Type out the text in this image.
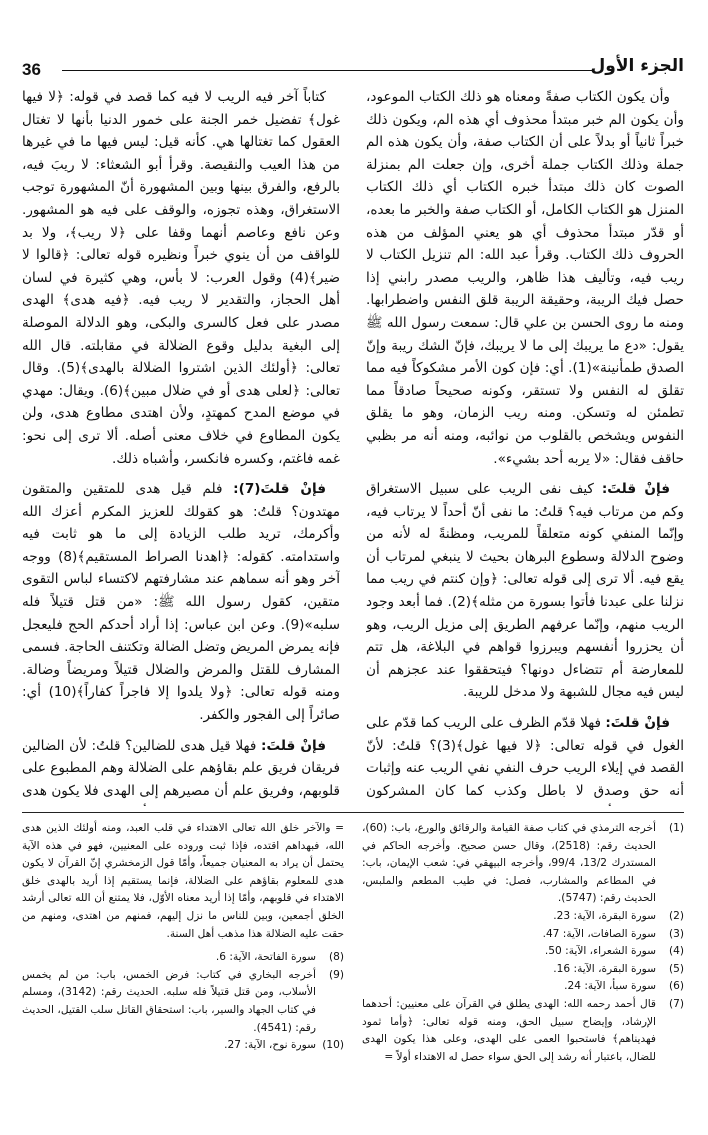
36	الجزء الأول

وأن يكون الكتاب صفةً ومعناه هو ذلك الكتاب الموعود، وأن يكون الم خبر مبتدأ محذوف أي هذه الم، ويكون ذلك خبراً ثانياً أو بدلاً على أن الكتاب صفة، وأن يكون هذه الم جملة وذلك الكتاب جملة أخرى، وإن جعلت الم بمنزلة الصوت كان ذلك مبتدأ خبره الكتاب أي ذلك الكتاب المنزل هو الكتاب الكامل، أو الكتاب صفة والخبر ما بعده، أو قدّر مبتدأ محذوف أي هو يعني المؤلف من هذه الحروف ذلك الكتاب. وقرأ عبد الله: الم تنزيل الكتاب لا ريب فيه، وتأليف هذا ظاهر، والريب مصدر رابني إذا حصل فيك الريبة، وحقيقة الريبة قلق النفس واضطرابها. ومنه ما روى الحسن بن علي قال: سمعت رسول الله ﷺ يقول: «دع ما يريبك إلى ما لا يريبك، فإنّ الشك ريبة وإنّ الصدق طمأنينة»(1). أي: فإن كون الأمر مشكوكاً فيه مما تقلق له النفس ولا تستقر، وكونه صحيحاً صادقاً مما تطمئن له وتسكن. ومنه ريب الزمان، وهو ما يقلق النفوس ويشخص بالقلوب من نوائبه، ومنه أنه مر بظبي حاقف فقال: «لا يربه أحد بشيء».

فإنْ قلتَ: كيف نفى الريب على سبيل الاستغراق وكم من مرتاب فيه؟ قلتُ: ما نفى أنّ أحداً لا يرتاب فيه، وإنّما المنفي كونه متعلقاً للمريب، ومظنةً له لأنه من وضوح الدلالة وسطوع البرهان بحيث لا ينبغي لمرتاب أن يقع فيه. ألا ترى إلى قوله تعالى: ﴿وإن كنتم في ريب مما نزلنا على عبدنا فأتوا بسورة من مثله﴾(2). فما أبعد وجود الريب منهم، وإنّما عرفهم الطريق إلى مزيل الريب، وهو أن يحزروا أنفسهم ويبرزوا قواهم في البلاغة، هل تتم للمعارضة أم تتضاءل دونها؟ فيتحققوا عند عجزهم أن ليس فيه مجال للشبهة ولا مدخل للريبة.

فإنْ قلتَ: فهلا قدّم الظرف على الريب كما قدّم على الغول في قوله تعالى: ﴿لا فيها غول﴾(3)؟ قلتُ: لأنّ القصد في إيلاء الريب حرف النفي نفي الريب عنه وإثبات أنه حق وصدق لا باطل وكذب كما كان المشركون

كتاباً آخر فيه الريب لا فيه كما قصد في قوله: ﴿لا فيها غول﴾ تفضيل خمر الجنة على خمور الدنيا بأنها لا تغتال العقول كما تغتالها هي. كأنه قيل: ليس فيها ما في غيرها من هذا العيب والنقيصة. وقرأ أبو الشعثاء: لا ريبَ فيه، بالرفع، والفرق بينها وبين المشهورة أنّ المشهورة توجب الاستغراق، وهذه تجوزه، والوقف على فيه هو المشهور. وعن نافع وعاصم أنهما وقفا على ﴿لا ريب﴾، ولا بد للواقف من أن ينوي خبراً ونظيره قوله تعالى: ﴿قالوا لا ضير﴾(4) وقول العرب: لا بأس، وهي كثيرة في لسان أهل الحجاز، والتقدير لا ريب فيه. ﴿فيه هدى﴾ الهدى مصدر على فعل كالسرى والبكى، وهو الدلالة الموصلة إلى البغية بدليل وقوع الضلالة في مقابلته. قال الله تعالى: ﴿أولئك الذين اشتروا الضلالة بالهدى﴾(5). وقال تعالى: ﴿لعلى هدى أو في ضلال مبين﴾(6). ويقال: مهدي في موضع المدح كمهتدٍ، ولأن اهتدى مطاوع هدى، ولن يكون المطاوع في خلاف معنى أصله. ألا ترى إلى نحو: غمه فاغتم، وكسره فانكسر، وأشباه ذلك.

فإنْ قلتَ(7): فلم قيل هدى للمتقين والمتقون مهتدون؟ قلتُ: هو كقولك للعزيز المكرم أعزك الله وأكرمك، تريد طلب الزيادة إلى ما هو ثابت فيه واستدامته. كقوله: ﴿اهدنا الصراط المستقيم﴾(8) ووجه آخر وهو أنه سماهم عند مشارفتهم لاكتساء لباس التقوى متقين، كقول رسول الله ﷺ: «من قتل قتيلاً فله سلبه»(9). وعن ابن عباس: إذا أراد أحدكم الحج فليعجل فإنه يمرض المريض وتضل الضالة وتكتنف الحاجة. فسمى المشارف للقتل والمرض والضلال قتيلاً ومريضاً وضالة. ومنه قوله تعالى: ﴿ولا يلدوا إلا فاجراً كفاراً﴾(10) أي: صائراً إلى الفجور والكفر.

فإنْ قلتَ: فهلا قيل هدى للضالين؟ قلتُ: لأن الضالين فريقان فريق علم بقاؤهم على الضلالة وهم المطبوع على قلوبهم، وفريق علم أن مصيرهم إلى الهدى فلا يكون هدى

(1)
أخرجه الترمذي في كتاب صفة القيامة والرقائق والورع، باب: (60)، الحديث رقم: (2518)، وقال حسن صحيح. وأخرجه الحاكم في المستدرك 13/2، 99/4، وأخرجه البيهقي في: شعب الإيمان، باب: في المطاعم والمشارب، فصل: في طيب المطعم والملبس، الحديث رقم: (5747).
(2)
سورة البقرة، الآية: 23.
(3)
سورة الصافات، الآية: 47.
(4)
سورة الشعراء، الآية: 50.
(5)
سورة البقرة، الآية: 16.
(6)
سورة سبأ، الآية: 24.
(7)
قال أحمد رحمه الله: الهدى يطلق في القرآن على معنيين: أحدهما الإرشاد، وإيضاح سبيل الحق، ومنه قوله تعالى: ﴿وأما ثمود فهديناهم﴾ فاستحبوا العمى على الهدى، وعلى هذا يكون الهدى للضال، باعتبار أنه رشد إلى الحق سواء حصل له الاهتداء أولاً =

= والآخر خلق الله تعالى الاهتداء في قلب العبد، ومنه أولئك الذين هدى الله، فبهداهم اقتده، فإذا ثبت وروده على المعنيين، فهو في هذه الآية يحتمل أن يراد به المعنيان جميعاً، وأمّا قول الزمخشري إنّ القرآن لا يكون هدى للمعلوم بقاؤهم على الضلالة، فإنما يستقيم إذا أريد بالهدى خلق الاهتداء في قلوبهم، وأمّا إذا أريد معناه الأوّل، فلا يمتنع أن الله تعالى أرشد الخلق أجمعين، وبين للناس ما نزل إليهم، فمنهم من اهتدى، ومنهم من حقت عليه الضلالة هذا مذهب أهل السنة.

(8)
سورة الفاتحة، الآية: 6.
(9)
أخرجه البخاري في كتاب: فرض الخمس، باب: من لم يخمس الأسلاب، ومن قتل قتيلاً فله سلبه. الحديث رقم: (3142)، ومسلم في كتاب الجهاد والسير، باب: استحقاق القاتل سلب القتيل، الحديث رقم: (4541).
(10)
سورة نوح، الآية: 27.
